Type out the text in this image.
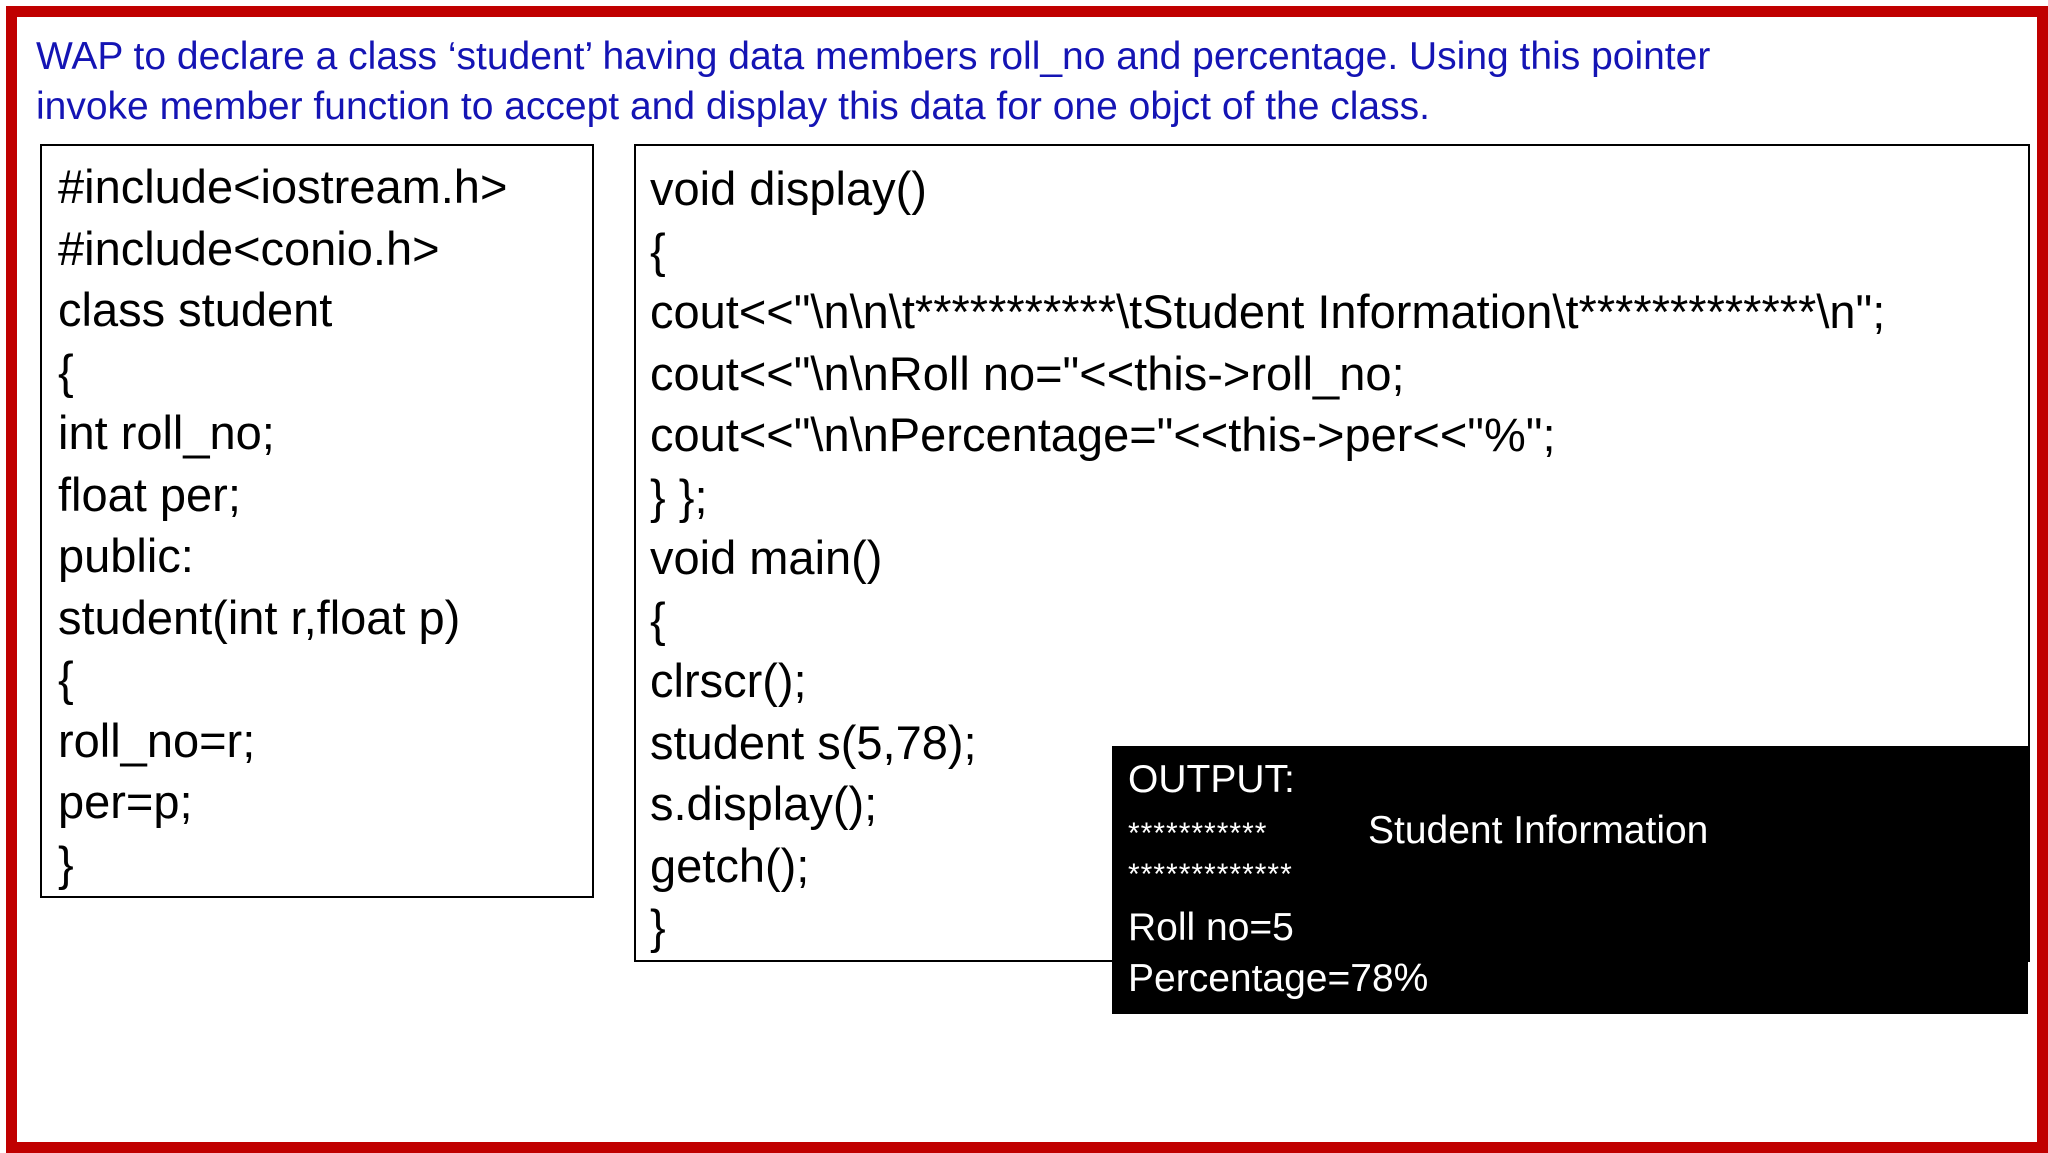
WAP to declare a class ‘student’ having data members roll_no and percentage. Using this pointer
invoke member function to accept and display this data for one objct of the class.
#include<iostream.h>
#include<conio.h>
class student
{
int roll_no;
float per;
public:
student(int r,float p)
{
roll_no=r;
per=p;
}
void display()
{
cout<<"\n\n\t***********\tStudent Information\t*************\n";
cout<<"\n\nRoll no="<<this->roll_no;
cout<<"\n\nPercentage="<<this->per<<"%";
} };
void main()
{
clrscr();
student s(5,78);
s.display();
getch();
}
OUTPUT:
***********	Student Information
*************
Roll no=5
Percentage=78%
